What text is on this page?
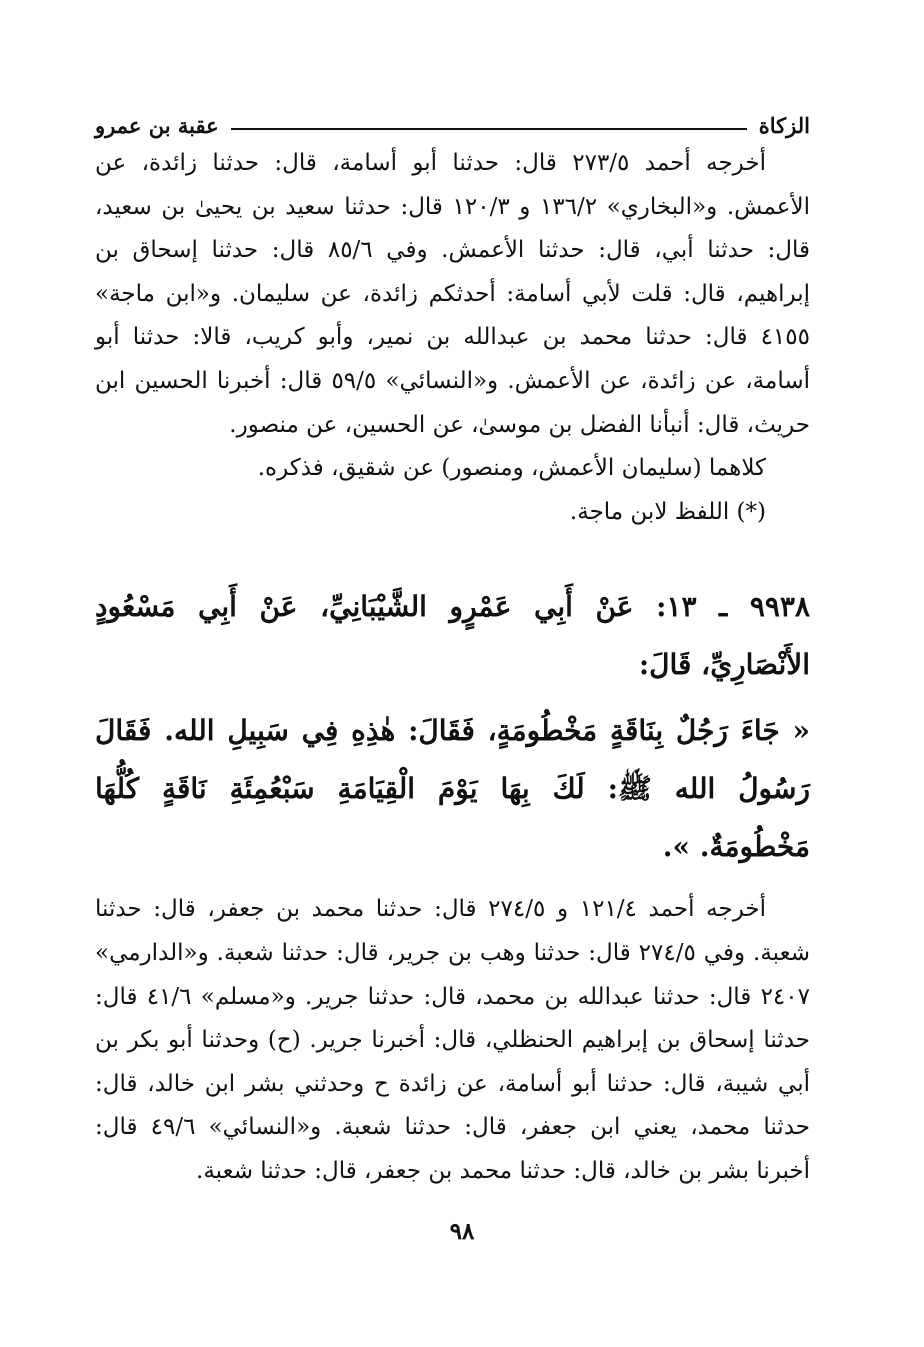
الزكاة
عقبة بن عمرو

أخرجه أحمد ٢٧٣/٥ قال: حدثنا أبو أسامة، قال: حدثنا زائدة، عن الأعمش. و«البخاري» ١٣٦/٢ و ١٢٠/٣ قال: حدثنا سعيد بن يحيىٰ بن سعيد، قال: حدثنا أبي، قال: حدثنا الأعمش. وفي ٨٥/٦ قال: حدثنا إسحاق بن إبراهيم، قال: قلت لأبي أسامة: أحدثكم زائدة، عن سليمان. و«ابن ماجة» ٤١٥٥ قال: حدثنا محمد بن عبدالله بن نمير، وأبو كريب، قالا: حدثنا أبو أسامة، عن زائدة، عن الأعمش. و«النسائي» ٥٩/٥ قال: أخبرنا الحسين ابن حريث، قال: أنبأنا الفضل بن موسىٰ، عن الحسين، عن منصور.

كلاهما (سليمان الأعمش، ومنصور) عن شقيق، فذكره.

(*) اللفظ لابن ماجة.

٩٩٣٨ ـ ١٣: عَنْ أَبِي عَمْرٍو الشَّيْبَانِيِّ، عَنْ أَبِي مَسْعُودٍ الأَنْصَارِيِّ، قَالَ:

« جَاءَ رَجُلٌ بِنَاقَةٍ مَخْطُومَةٍ، فَقَالَ: هٰذِهِ فِي سَبِيلِ الله. فَقَالَ رَسُولُ الله ﷺ: لَكَ بِهَا يَوْمَ الْقِيَامَةِ سَبْعُمِئَةِ نَاقَةٍ كُلُّهَا مَخْطُومَةٌ. ».

أخرجه أحمد ١٢١/٤ و ٢٧٤/٥ قال: حدثنا محمد بن جعفر، قال: حدثنا شعبة. وفي ٢٧٤/٥ قال: حدثنا وهب بن جرير، قال: حدثنا شعبة. و«الدارمي» ٢٤٠٧ قال: حدثنا عبدالله بن محمد، قال: حدثنا جرير. و«مسلم» ٤١/٦ قال: حدثنا إسحاق بن إبراهيم الحنظلي، قال: أخبرنا جرير. (ح) وحدثنا أبو بكر بن أبي شيبة، قال: حدثنا أبو أسامة، عن زائدة ح وحدثني بشر ابن خالد، قال: حدثنا محمد، يعني ابن جعفر، قال: حدثنا شعبة. و«النسائي» ٤٩/٦ قال: أخبرنا بشر بن خالد، قال: حدثنا محمد بن جعفر، قال: حدثنا شعبة.

٩٨
